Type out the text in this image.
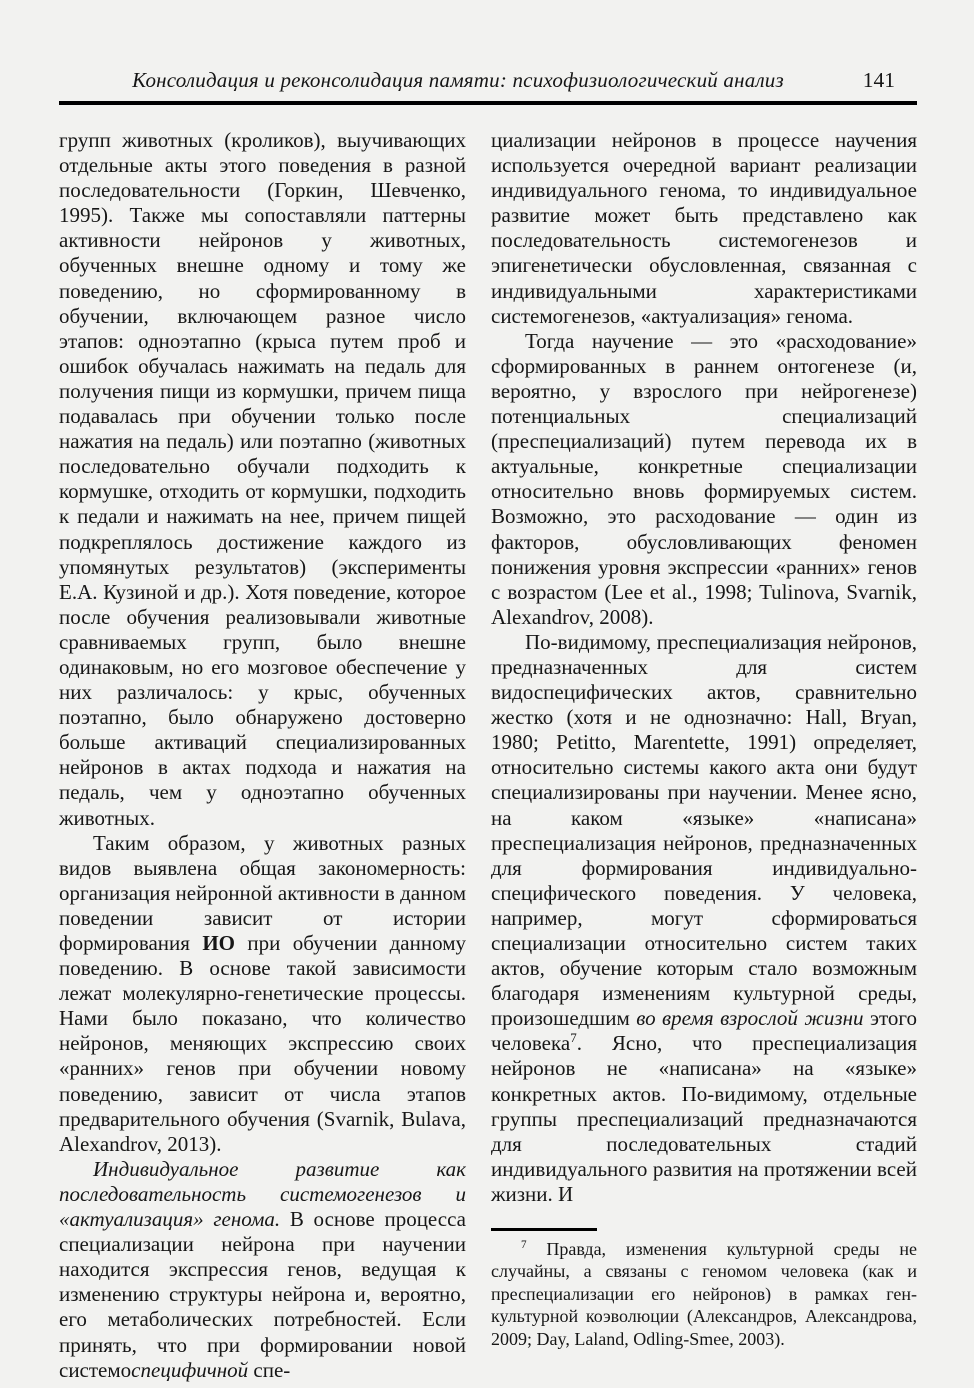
Консолидация и реконсолидация памяти: психофизиологический анализ	141

групп животных (кроликов), выучивающих отдельные акты этого поведения в разной последовательности (Горкин, Шевченко, 1995). Также мы сопоставляли паттерны активности нейронов у животных, обученных внешне одному и тому же поведению, но сформированному в обучении, включающем разное число этапов: одноэтапно (крыса путем проб и ошибок обучалась нажимать на педаль для получения пищи из кормушки, причем пища подавалась при обучении только после нажатия на педаль) или поэтапно (животных последовательно обучали подходить к кормушке, отходить от кормушки, подходить к педали и нажимать на нее, причем пищей подкреплялось достижение каждого из упомянутых результатов) (эксперименты Е.А. Кузиной и др.). Хотя поведение, которое после обучения реализовывали животные сравниваемых групп, было внешне одинаковым, но его мозговое обеспечение у них различалось: у крыс, обученных поэтапно, было обнаружено достоверно больше активаций специализированных нейронов в актах подхода и нажатия на педаль, чем у одноэтапно обученных животных.

Таким образом, у животных разных видов выявлена общая закономерность: организация нейронной активности в данном поведении зависит от истории формирования ИО при обучении данному поведению. В основе такой зависимости лежат молекулярно-генетические процессы. Нами было показано, что количество нейронов, меняющих экспрессию своих «ранних» генов при обучении новому поведению, зависит от числа этапов предварительного обучения (Svarnik, Bulava, Alexandrov, 2013).

Индивидуальное развитие как последовательность системогенезов и «актуализация» генома. В основе процесса специализации нейрона при научении находится экспрессия генов, ведущая к изменению структуры нейрона и, вероятно, его метаболических потребностей. Если принять, что при формировании новой системоспецифичной спе-

циализации нейронов в процессе научения используется очередной вариант реализации индивидуального генома, то индивидуальное развитие может быть представлено как последовательность системогенезов и эпигенетически обусловленная, связанная с индивидуальными характеристиками системогенезов, «актуализация» генома.

Тогда научение — это «расходование» сформированных в раннем онтогенезе (и, вероятно, у взрослого при нейрогенезе) потенциальных специализаций (преспециализаций) путем перевода их в актуальные, конкретные специализации относительно вновь формируемых систем. Возможно, это расходование — один из факторов, обусловливающих феномен понижения уровня экспрессии «ранних» генов с возрастом (Lee et al., 1998; Tulinova, Svarnik, Alexandrov, 2008).

По-видимому, преспециализация нейронов, предназначенных для систем видоспецифических актов, сравнительно жестко (хотя и не однозначно: Hall, Bryan, 1980; Petitto, Marentette, 1991) определяет, относительно системы какого акта они будут специализированы при научении. Менее ясно, на каком «языке» «написана» преспециализация нейронов, предназначенных для формирования индивидуально-специфического поведения. У человека, например, могут сформироваться специализации относительно систем таких актов, обучение которым стало возможным благодаря изменениям культурной среды, произошедшим во время взрослой жизни этого человека$^7$. Ясно, что преспециализация нейронов не «написана» на «языке» конкретных актов. По-видимому, отдельные группы преспециализаций предназначаются для последовательных стадий индивидуального развития на протяжении всей жизни. И

$^7$ Правда, изменения культурной среды не случайны, а связаны с геномом человека (как и преспециализации его нейронов) в рамках ген-культурной коэволюции (Александров, Александрова, 2009; Day, Laland, Odling-Smee, 2003).
